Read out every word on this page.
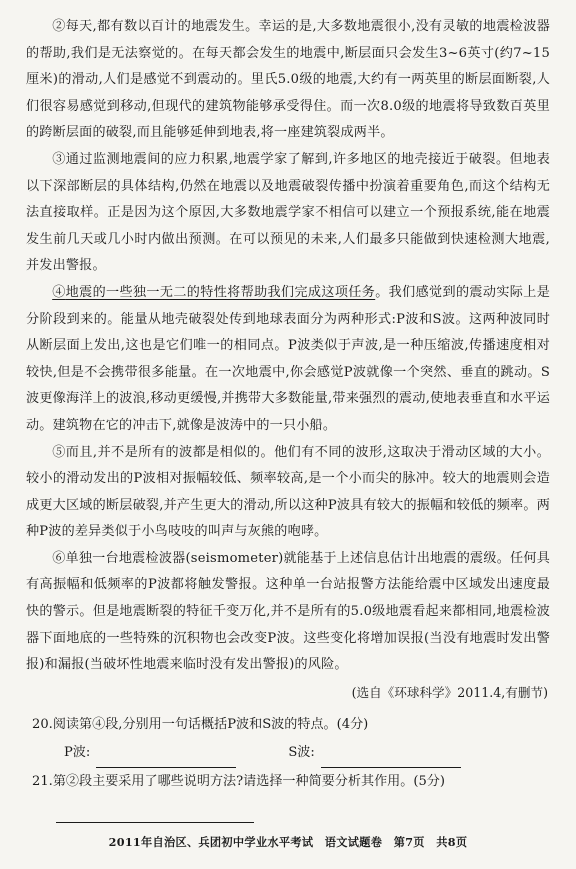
②每天,都有数以百计的地震发生。幸运的是,大多数地震很小,没有灵敏的地震检波器的帮助,我们是无法察觉的。在每天都会发生的地震中,断层面只会发生3~6英寸(约7~15厘米)的滑动,人们是感觉不到震动的。里氏5.0级的地震,大约有一两英里的断层面断裂,人们很容易感觉到移动,但现代的建筑物能够承受得住。而一次8.0级的地震将导致数百英里的跨断层面的破裂,而且能够延伸到地表,将一座建筑裂成两半。

③通过监测地震间的应力积累,地震学家了解到,许多地区的地壳接近于破裂。但地表以下深部断层的具体结构,仍然在地震以及地震破裂传播中扮演着重要角色,而这个结构无法直接取样。正是因为这个原因,大多数地震学家不相信可以建立一个预报系统,能在地震发生前几天或几小时内做出预测。在可以预见的未来,人们最多只能做到快速检测大地震,并发出警报。

④地震的一些独一无二的特性将帮助我们完成这项任务。我们感觉到的震动实际上是分阶段到来的。能量从地壳破裂处传到地球表面分为两种形式:P波和S波。这两种波同时从断层面上发出,这也是它们唯一的相同点。P波类似于声波,是一种压缩波,传播速度相对较快,但是不会携带很多能量。在一次地震中,你会感觉P波就像一个突然、垂直的跳动。S波更像海洋上的波浪,移动更缓慢,并携带大多数能量,带来强烈的震动,使地表垂直和水平运动。建筑物在它的冲击下,就像是波涛中的一只小船。

⑤而且,并不是所有的波都是相似的。他们有不同的波形,这取决于滑动区域的大小。较小的滑动发出的P波相对振幅较低、频率较高,是一个小而尖的脉冲。较大的地震则会造成更大区域的断层破裂,并产生更大的滑动,所以这种P波具有较大的振幅和较低的频率。两种P波的差异类似于小鸟吱吱的叫声与灰熊的咆哮。

⑥单独一台地震检波器(seismometer)就能基于上述信息估计出地震的震级。任何具有高振幅和低频率的P波都将触发警报。这种单一台站报警方法能给震中区域发出速度最快的警示。但是地震断裂的特征千变万化,并不是所有的5.0级地震看起来都相同,地震检波器下面地底的一些特殊的沉积物也会改变P波。这些变化将增加误报(当没有地震时发出警报)和漏报(当破坏性地震来临时没有发出警报)的风险。

(选自《环球科学》2011.4,有删节)
20.阅读第④段,分别用一句话概括P波和S波的特点。(4分)
P波:	S波:
21.第②段主要采用了哪些说明方法?请选择一种简要分析其作用。(5分)
2011年自治区、兵团初中学业水平考试　语文试题卷　第7页　共8页
